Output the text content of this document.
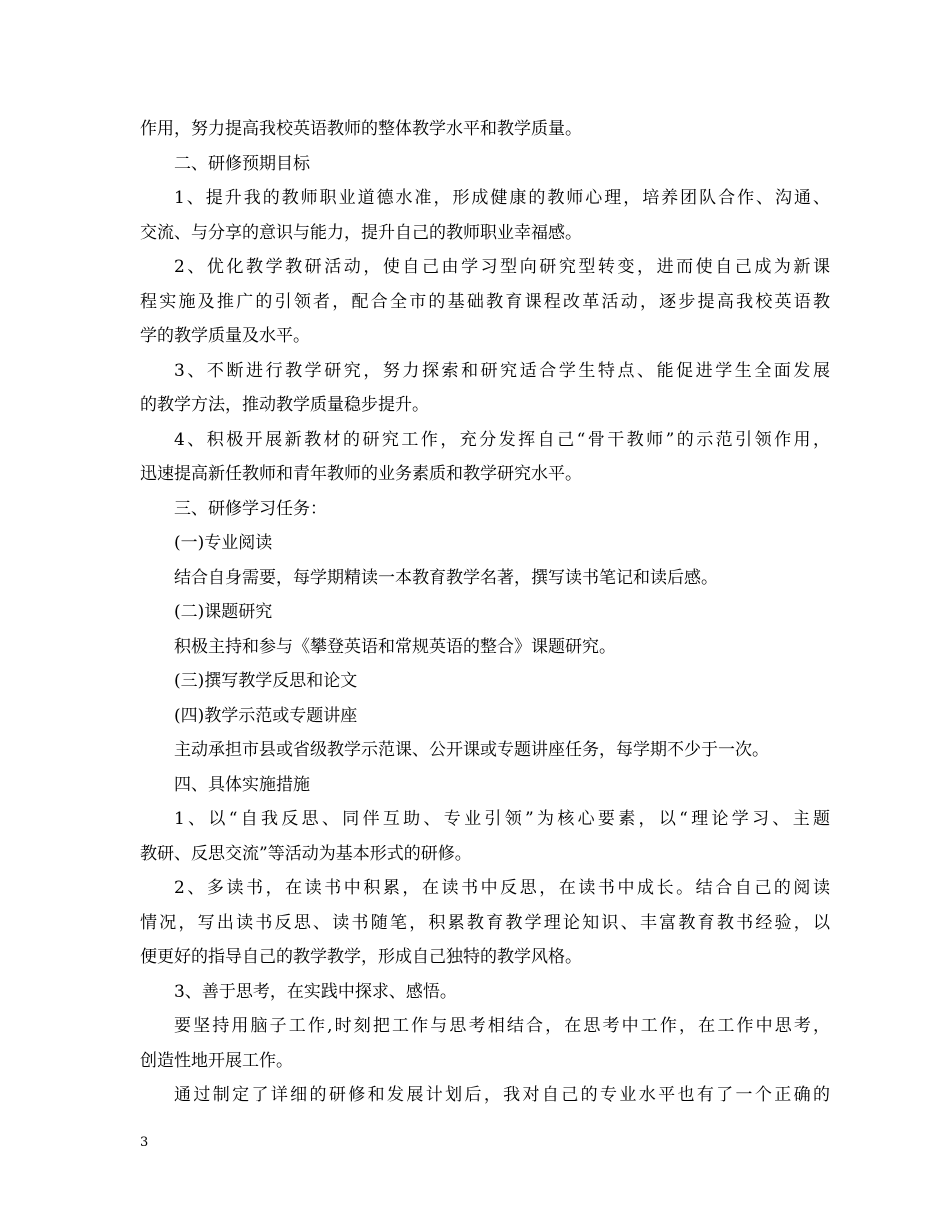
作用，努力提高我校英语教师的整体教学水平和教学质量。
二、研修预期目标
1、提升我的教师职业道德水准，形成健康的教师心理，培养团队合作、沟通、
交流、与分享的意识与能力，提升自己的教师职业幸福感。
2、优化教学教研活动，使自己由学习型向研究型转变，进而使自己成为新课
程实施及推广的引领者，配合全市的基础教育课程改革活动，逐步提高我校英语教
学的教学质量及水平。
3、不断进行教学研究，努力探索和研究适合学生特点、能促进学生全面发展
的教学方法，推动教学质量稳步提升。
4、积极开展新教材的研究工作，充分发挥自己“骨干教师”的示范引领作用，
迅速提高新任教师和青年教师的业务素质和教学研究水平。
三、研修学习任务：
(一)专业阅读
结合自身需要，每学期精读一本教育教学名著，撰写读书笔记和读后感。
(二)课题研究
积极主持和参与《攀登英语和常规英语的整合》课题研究。
(三)撰写教学反思和论文
(四)教学示范或专题讲座
主动承担市县或省级教学示范课、公开课或专题讲座任务，每学期不少于一次。
四、具体实施措施
1、以“自我反思、同伴互助、专业引领”为核心要素，以“理论学习、主题
教研、反思交流”等活动为基本形式的研修。
2、多读书，在读书中积累，在读书中反思，在读书中成长。结合自己的阅读
情况，写出读书反思、读书随笔，积累教育教学理论知识、丰富教育教书经验，以
便更好的指导自己的教学教学，形成自己独特的教学风格。
3、善于思考，在实践中探求、感悟。
要坚持用脑子工作,时刻把工作与思考相结合，在思考中工作，在工作中思考，
创造性地开展工作。
通过制定了详细的研修和发展计划后，我对自己的专业水平也有了一个正确的
3
